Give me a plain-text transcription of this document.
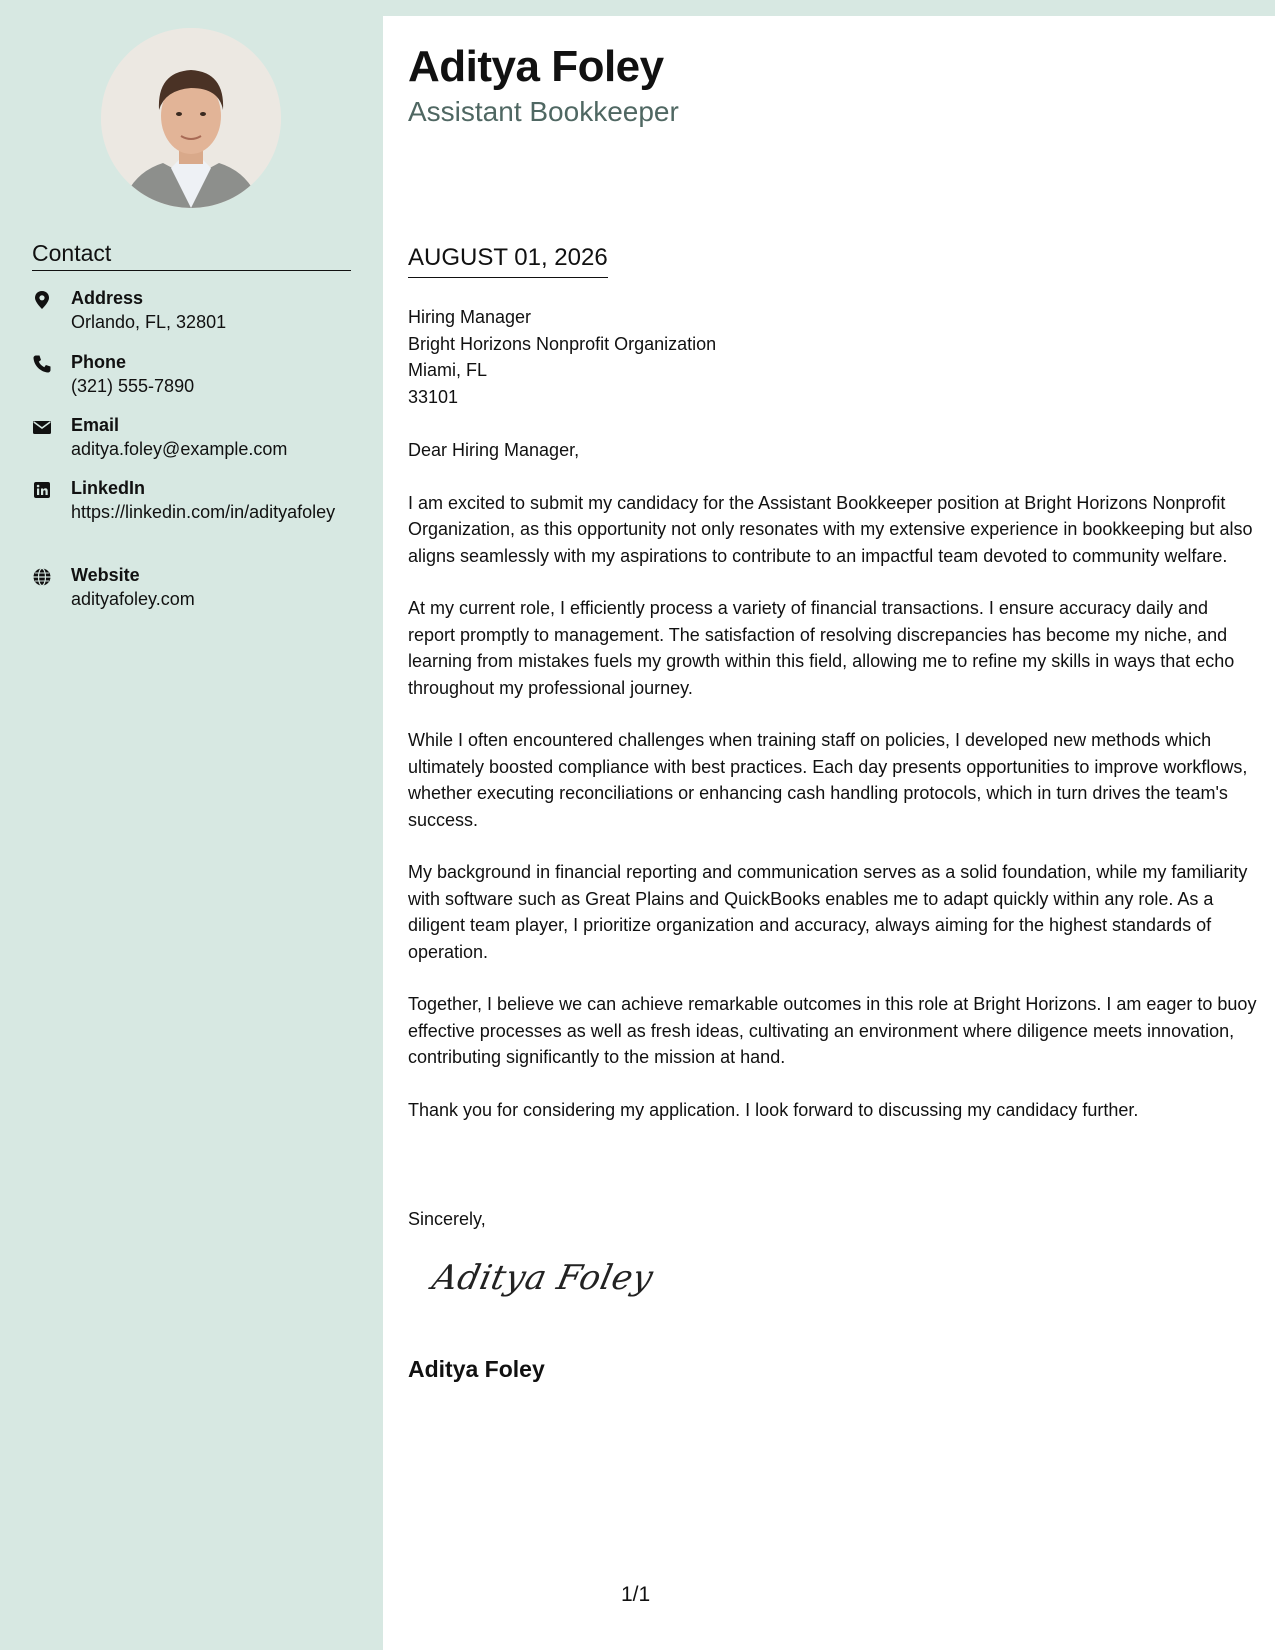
Contact
Address
Orlando, FL, 32801
Phone
(321) 555-7890
Email
aditya.foley@example.com
LinkedIn
https://linkedin.com/in/adityafoley
Website
adityafoley.com
Aditya Foley
Assistant Bookkeeper
AUGUST 01, 2026
Hiring Manager
Bright Horizons Nonprofit Organization
Miami, FL
33101

Dear Hiring Manager,

I am excited to submit my candidacy for the Assistant Bookkeeper position at Bright Horizons Nonprofit Organization, as this opportunity not only resonates with my extensive experience in bookkeeping but also aligns seamlessly with my aspirations to contribute to an impactful team devoted to community welfare.

At my current role, I efficiently process a variety of financial transactions. I ensure accuracy daily and report promptly to management. The satisfaction of resolving discrepancies has become my niche, and learning from mistakes fuels my growth within this field, allowing me to refine my skills in ways that echo throughout my professional journey.

While I often encountered challenges when training staff on policies, I developed new methods which ultimately boosted compliance with best practices. Each day presents opportunities to improve workflows, whether executing reconciliations or enhancing cash handling protocols, which in turn drives the team's success.

My background in financial reporting and communication serves as a solid foundation, while my familiarity with software such as Great Plains and QuickBooks enables me to adapt quickly within any role. As a diligent team player, I prioritize organization and accuracy, always aiming for the highest standards of operation.

Together, I believe we can achieve remarkable outcomes in this role at Bright Horizons. I am eager to buoy effective processes as well as fresh ideas, cultivating an environment where diligence meets innovation, contributing significantly to the mission at hand.

Thank you for considering my application. I look forward to discussing my candidacy further.

Sincerely,
Aditya Foley
Aditya Foley
1/1
